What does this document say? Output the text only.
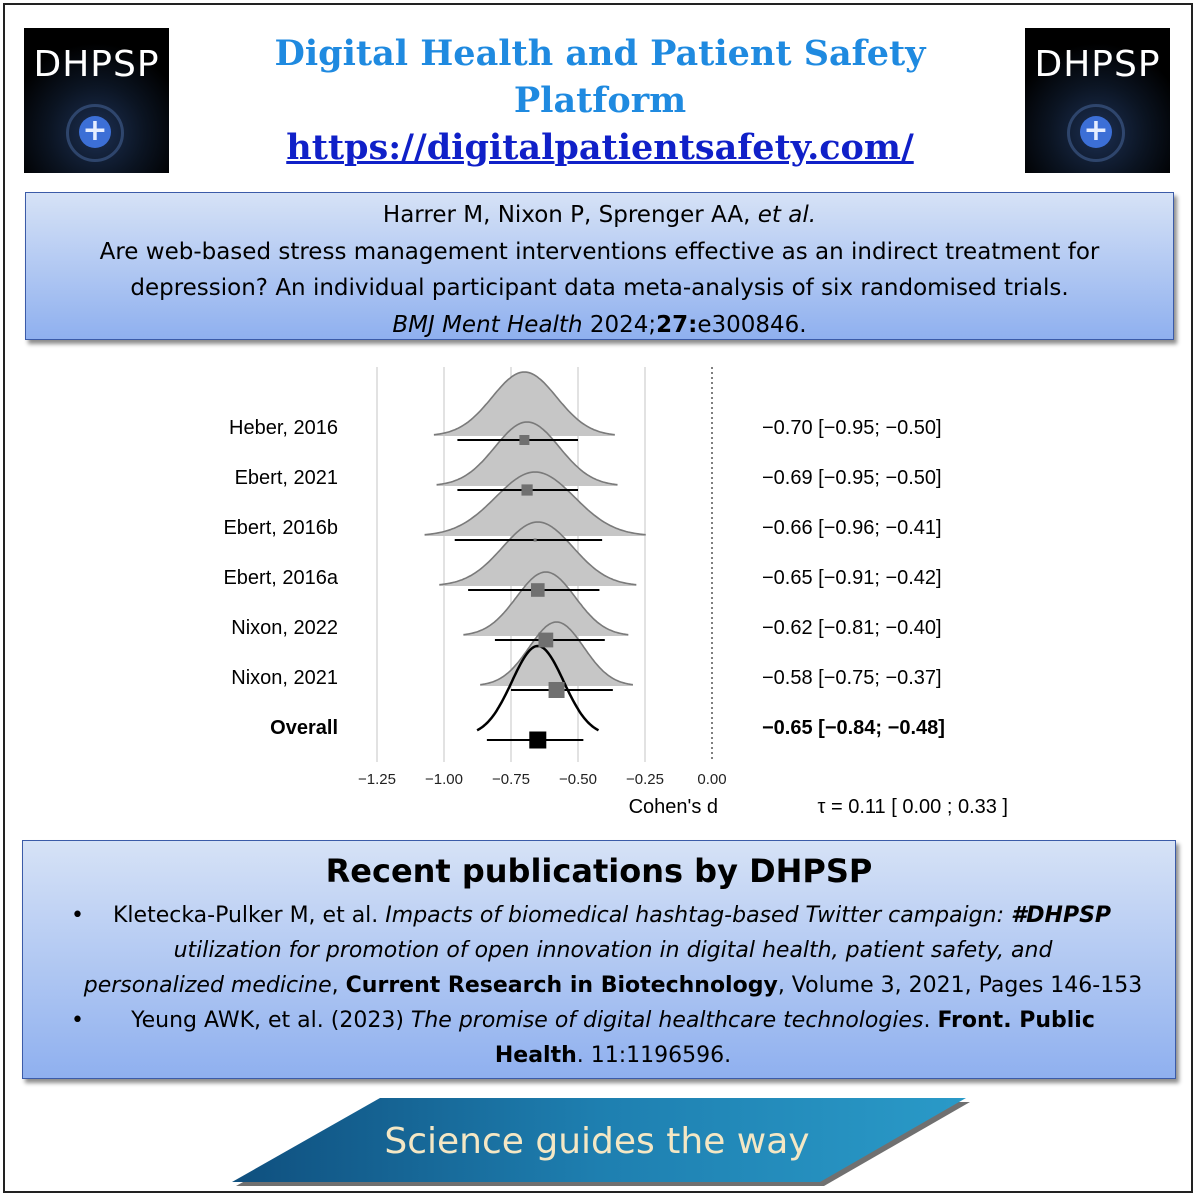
DHPSP
+
DHPSP
+
Digital Health and Patient Safety
Platform
https://digitalpatientsafety.com/
Harrer M, Nixon P, Sprenger AA, et al.
Are web-based stress management interventions effective as an indirect treatment for
depression? An individual participant data meta-analysis of six randomised trials.
BMJ Ment Health 2024;27:e300846.
−1.25 −1.00 −0.75 −0.50 −0.25 0.00
Heber, 2016	−0.70 [−0.95; −0.50]
Ebert, 2021	−0.69 [−0.95; −0.50]
Ebert, 2016b	−0.66 [−0.96; −0.41]
Ebert, 2016a	−0.65 [−0.91; −0.42]
Nixon, 2022	−0.62 [−0.81; −0.40]
Nixon, 2021	−0.58 [−0.75; −0.37]
Overall	−0.65 [−0.84; −0.48]
Cohen's d	τ = 0.11 [ 0.00 ; 0.33 ]
Recent publications by DHPSP
•	Kletecka-Pulker M, et al. Impacts of biomedical hashtag-based Twitter campaign: #DHPSP
utilization for promotion of open innovation in digital health, patient safety, and
personalized medicine, Current Research in Biotechnology, Volume 3, 2021, Pages 146-153
•	Yeung AWK, et al. (2023) The promise of digital healthcare technologies. Front. Public
Health. 11:1196596.
Science guides the way
